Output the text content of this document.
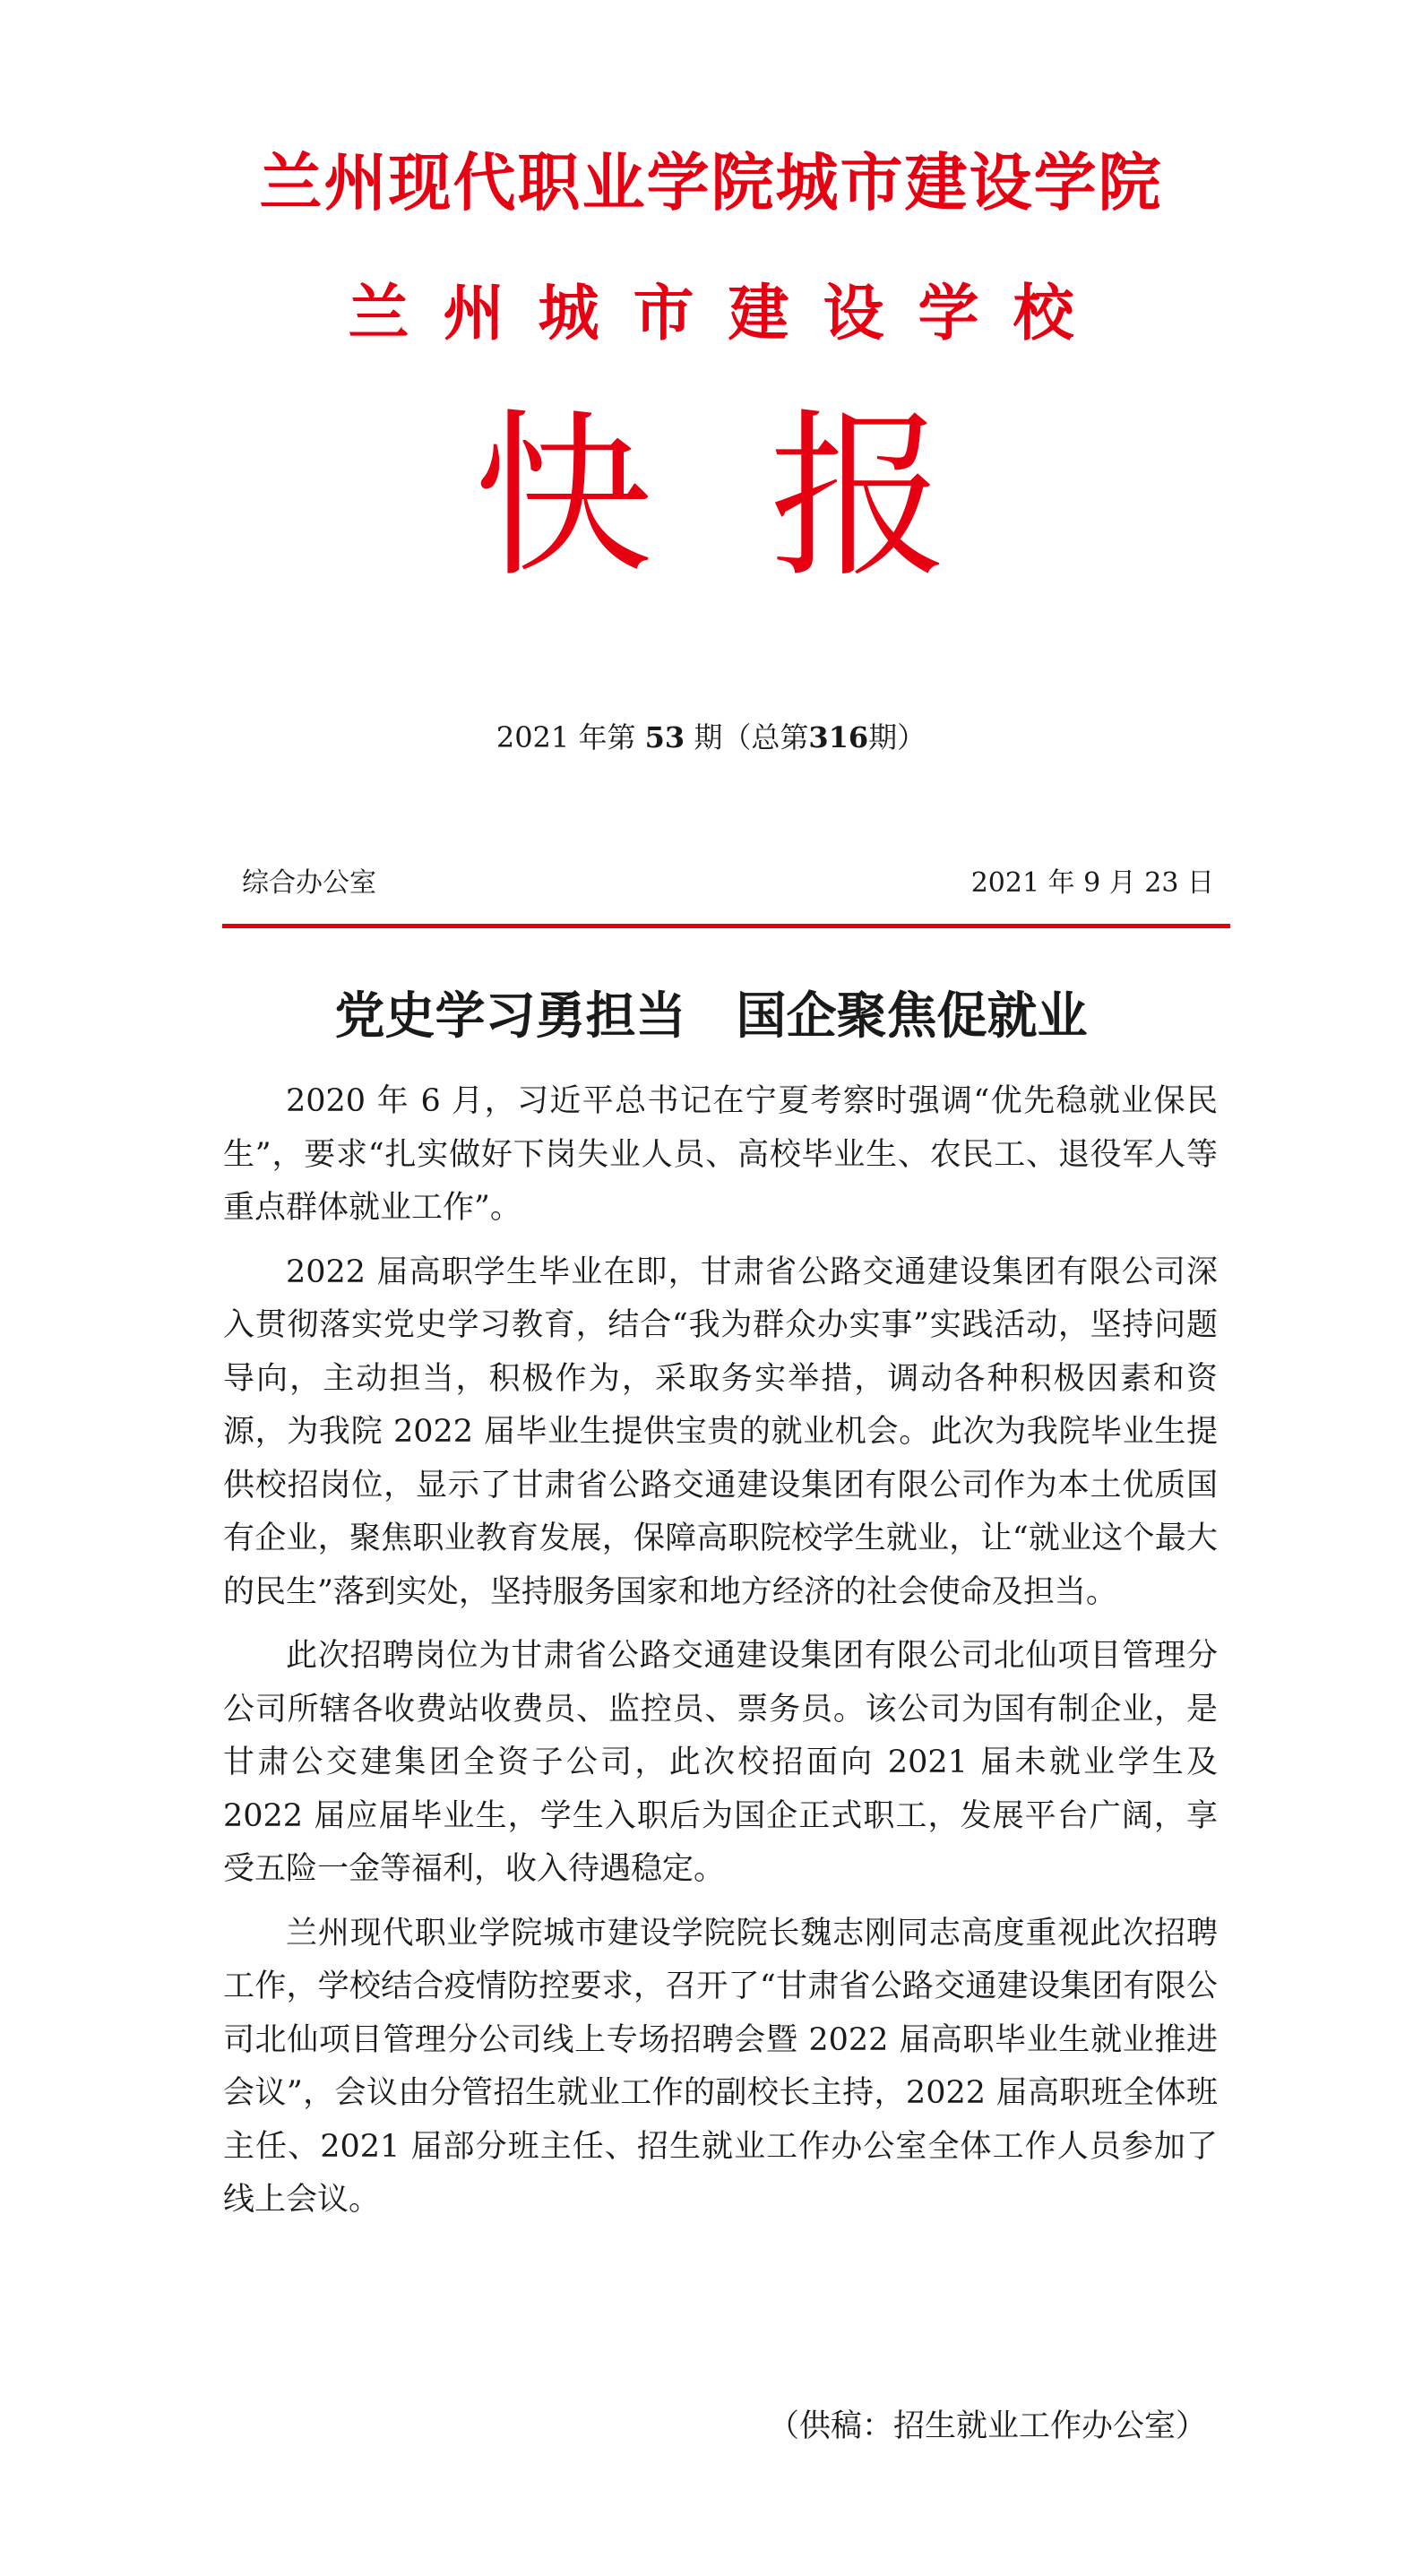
兰州现代职业学院城市建设学院
兰州城市建设学校
快报
2021 年第 53 期（总第316期）
综合办公室	2021 年 9 月 23 日
党史学习勇担当　国企聚焦促就业

2020 年 6 月，习近平总书记在宁夏考察时强调“优先稳就业保民生”，要求“扎实做好下岗失业人员、高校毕业生、农民工、退役军人等重点群体就业工作”。

2022 届高职学生毕业在即，甘肃省公路交通建设集团有限公司深入贯彻落实党史学习教育，结合“我为群众办实事”实践活动，坚持问题导向，主动担当，积极作为，采取务实举措，调动各种积极因素和资源，为我院 2022 届毕业生提供宝贵的就业机会。此次为我院毕业生提供校招岗位，显示了甘肃省公路交通建设集团有限公司作为本土优质国有企业，聚焦职业教育发展，保障高职院校学生就业，让“就业这个最大的民生”落到实处，坚持服务国家和地方经济的社会使命及担当。

此次招聘岗位为甘肃省公路交通建设集团有限公司北仙项目管理分公司所辖各收费站收费员、监控员、票务员。该公司为国有制企业，是甘肃公交建集团全资子公司，此次校招面向 2021 届未就业学生及 2022 届应届毕业生，学生入职后为国企正式职工，发展平台广阔，享受五险一金等福利，收入待遇稳定。

兰州现代职业学院城市建设学院院长魏志刚同志高度重视此次招聘工作，学校结合疫情防控要求，召开了“甘肃省公路交通建设集团有限公司北仙项目管理分公司线上专场招聘会暨 2022 届高职毕业生就业推进会议”，会议由分管招生就业工作的副校长主持，2022 届高职班全体班主任、2021 届部分班主任、招生就业工作办公室全体工作人员参加了线上会议。

（供稿：招生就业工作办公室）
